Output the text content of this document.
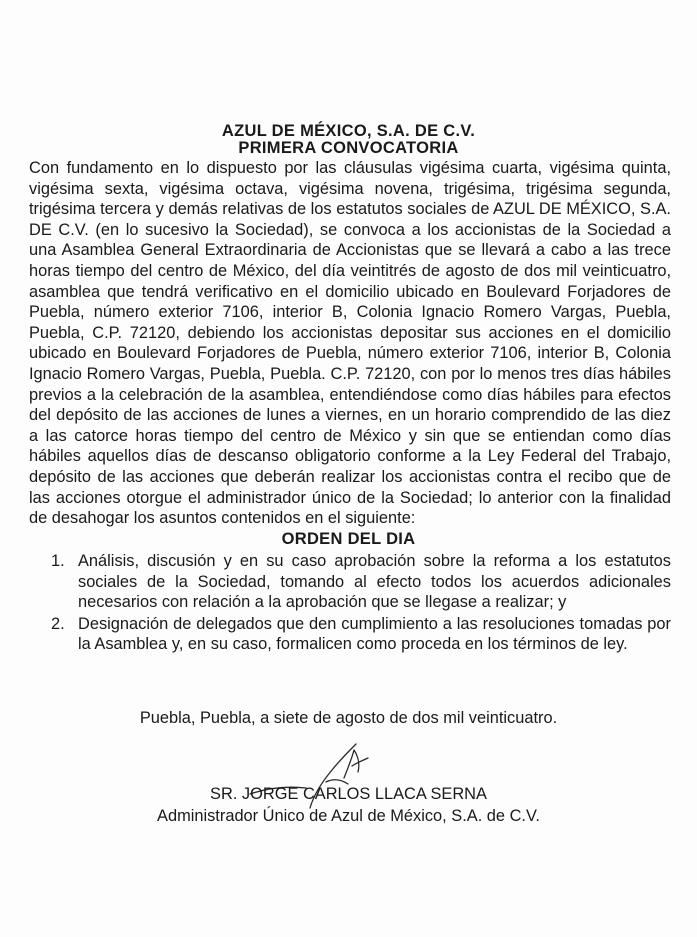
AZUL DE MÉXICO, S.A. DE C.V.
PRIMERA CONVOCATORIA

Con fundamento en lo dispuesto por las cláusulas vigésima cuarta, vigésima quinta, vigésima sexta, vigésima octava, vigésima novena, trigésima, trigésima segunda, trigésima tercera y demás relativas de los estatutos sociales de AZUL DE MÉXICO, S.A. DE C.V. (en lo sucesivo la Sociedad), se convoca a los accionistas de la Sociedad a una Asamblea General Extraordinaria de Accionistas que se llevará a cabo a las trece horas tiempo del centro de México, del día veintitrés de agosto de dos mil veinticuatro, asamblea que tendrá verificativo en el domicilio ubicado en Boulevard Forjadores de Puebla, número exterior 7106, interior B, Colonia Ignacio Romero Vargas, Puebla, Puebla, C.P. 72120, debiendo los accionistas depositar sus acciones en el domicilio ubicado en Boulevard Forjadores de Puebla, número exterior 7106, interior B, Colonia Ignacio Romero Vargas, Puebla, Puebla. C.P. 72120, con por lo menos tres días hábiles previos a la celebración de la asamblea, entendiéndose como días hábiles para efectos del depósito de las acciones de lunes a viernes, en un horario comprendido de las diez a las catorce horas tiempo del centro de México y sin que se entiendan como días hábiles aquellos días de descanso obligatorio conforme a la Ley Federal del Trabajo, depósito de las acciones que deberán realizar los accionistas contra el recibo que de las acciones otorgue el administrador único de la Sociedad; lo anterior con la finalidad de desahogar los asuntos contenidos en el siguiente:

ORDEN DEL DIA
1. Análisis, discusión y en su caso aprobación sobre la reforma a los estatutos sociales de la Sociedad, tomando al efecto todos los acuerdos adicionales necesarios con relación a la aprobación que se llegase a realizar; y
2. Designación de delegados que den cumplimiento a las resoluciones tomadas por la Asamblea y, en su caso, formalicen como proceda en los términos de ley.
Puebla, Puebla, a siete de agosto de dos mil veinticuatro.
SR. JORGE CARLOS LLACA SERNA
Administrador Único de Azul de México, S.A. de C.V.
